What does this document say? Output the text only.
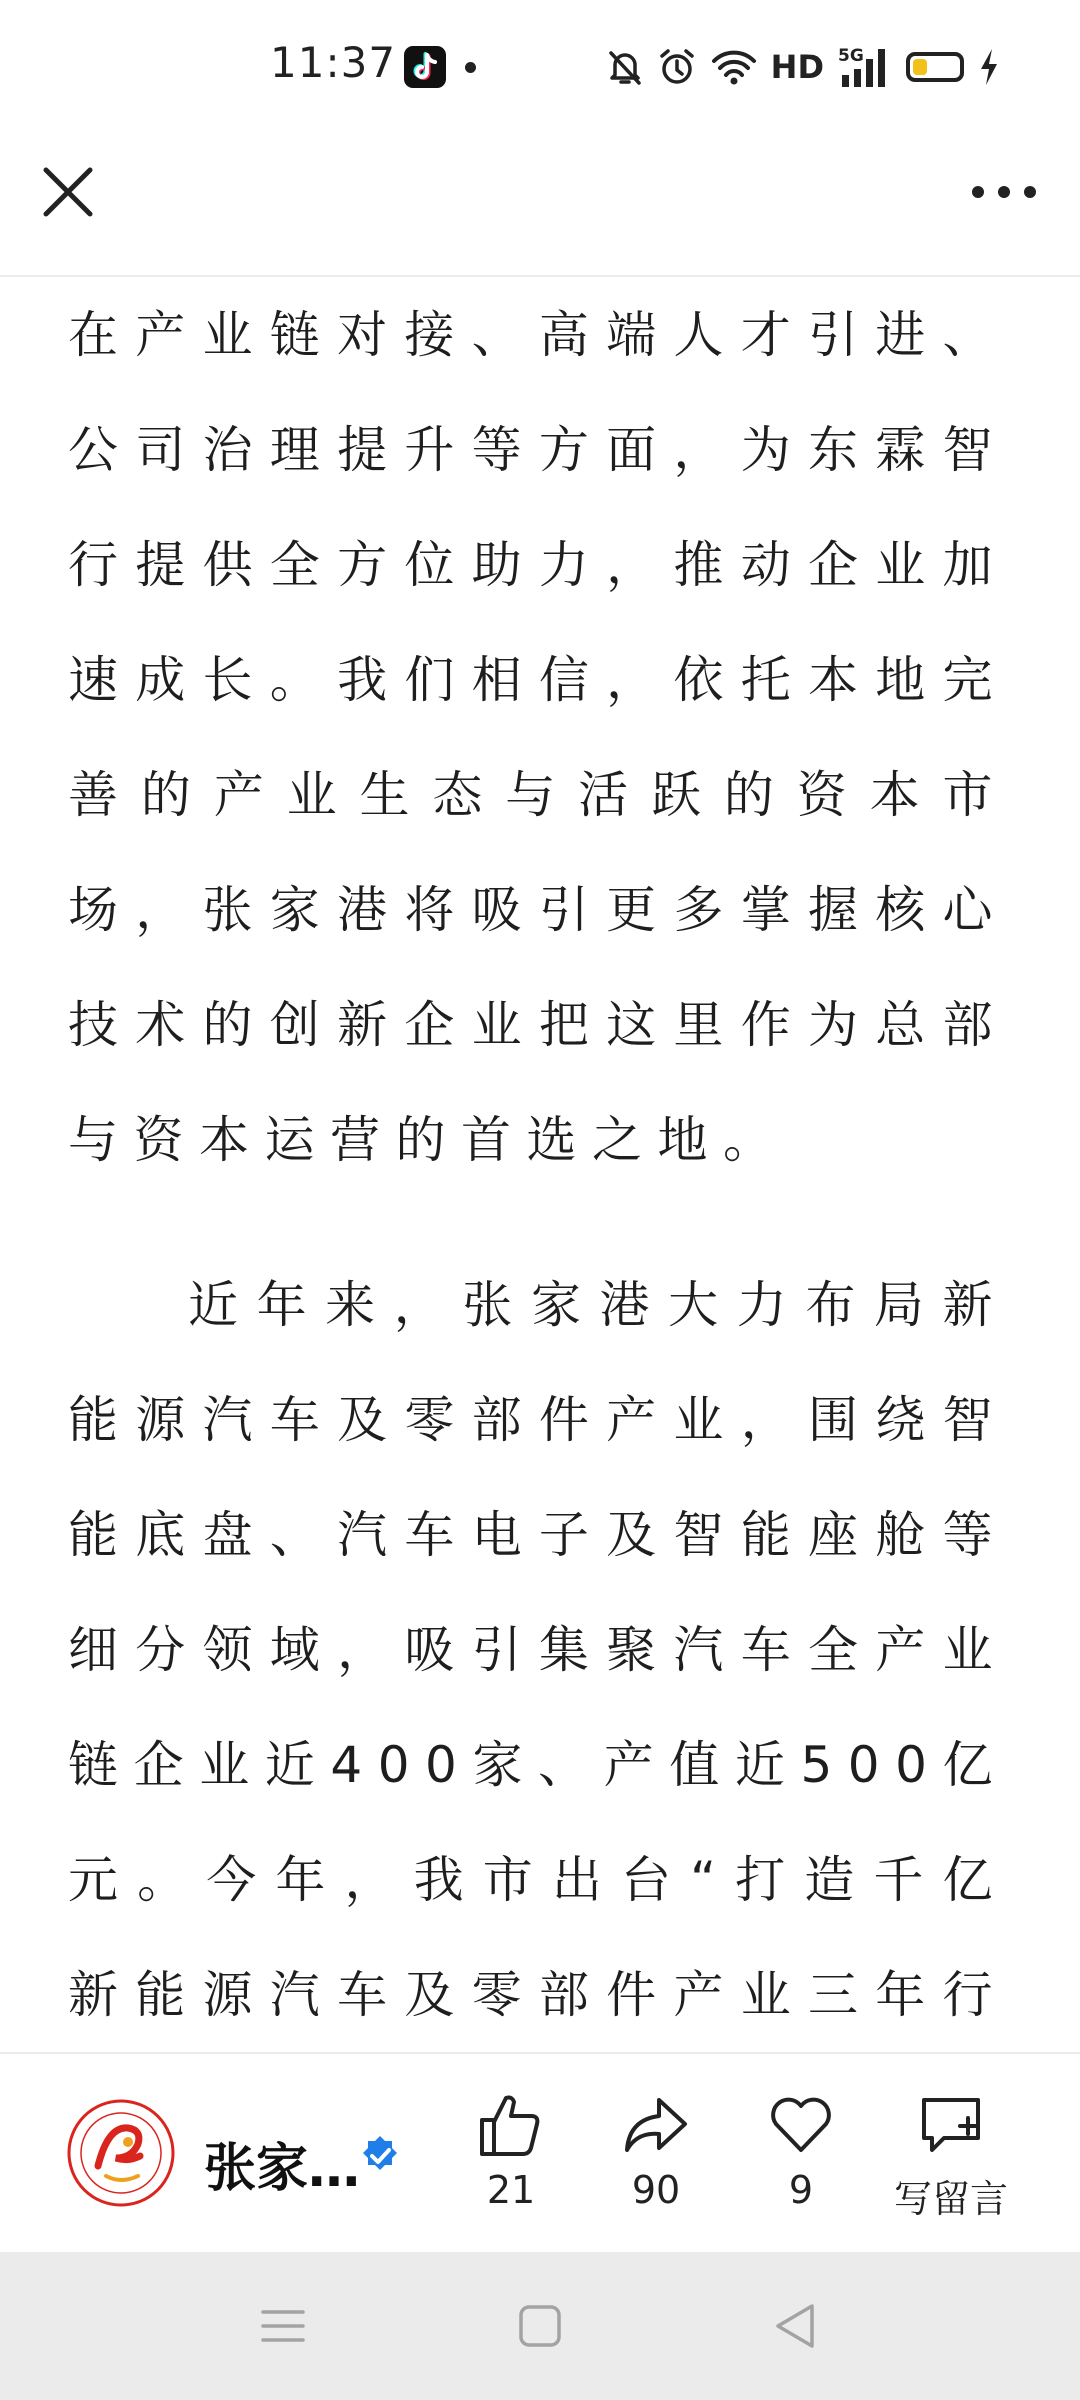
11:37	HD 5G

在产业链对接、高端人才引进、公司治理提升等方面，为东霖智行提供全方位助力，推动企业加速成长。我们相信，依托本地完善的产业生态与活跃的资本市场，张家港将吸引更多掌握核心技术的创新企业把这里作为总部与资本运营的首选之地。

近年来，张家港大力布局新能源汽车及零部件产业，围绕智能底盘、汽车电子及智能座舱等细分领域，吸引集聚汽车全产业链企业近400家、产值近500亿元。今年，我市出台“打造千亿新能源汽车及零部件产业三年行

张家…	21	90	9	写留言
